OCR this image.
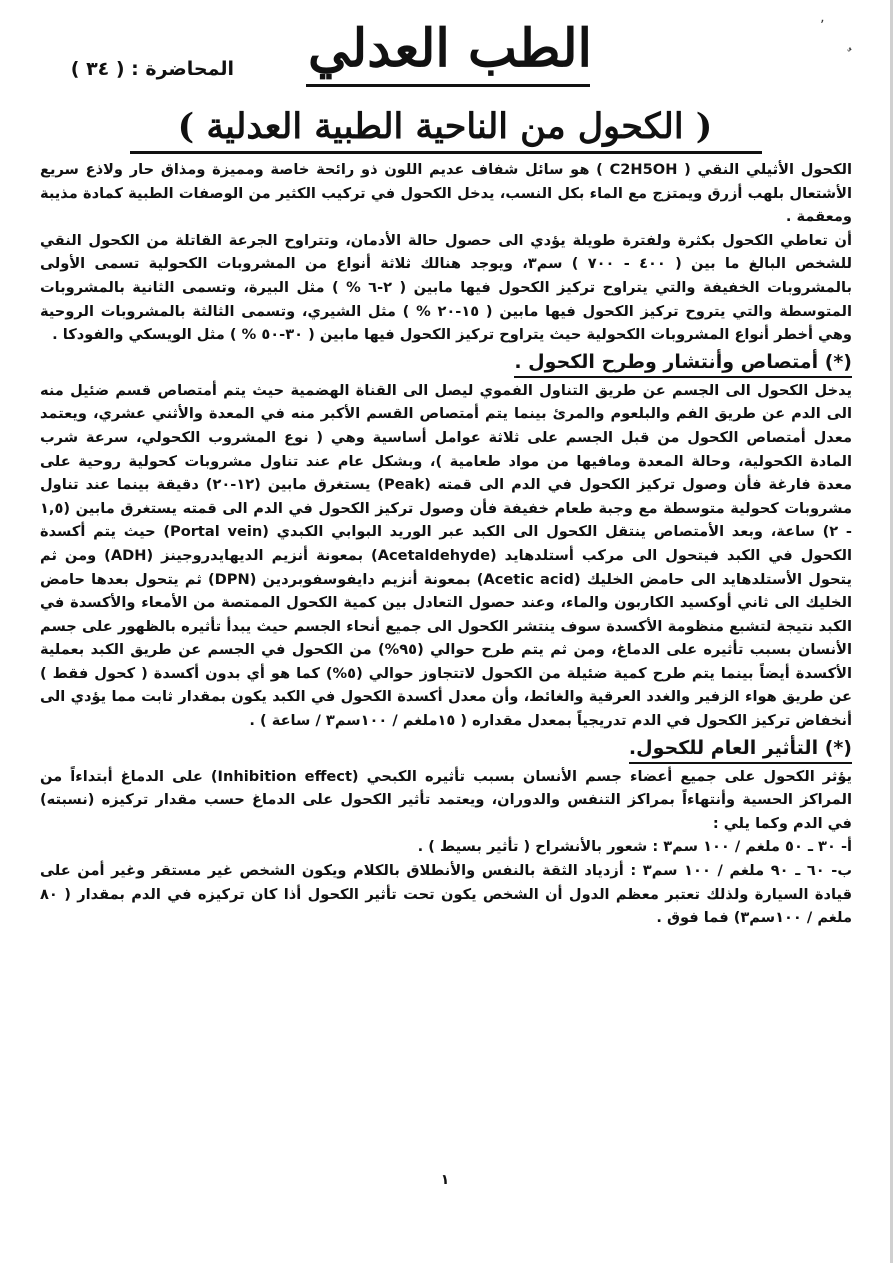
٬
المحاضرة : ( ٣٤ ) الطب العدلي
( الكحول من الناحية الطبية العدلية )

الكحول الأثيلي النقي ( C2H5OH ) هو سائل شفاف عديم اللون ذو رائحة خاصة ومميزة ومذاق حار ولاذع سريع الأشتعال بلهب أزرق ويمتزج مع الماء بكل النسب، يدخل الكحول في تركيب الكثير من الوصفات الطبية كمادة مذيبة ومعقمة .

أن تعاطي الكحول بكثرة ولفترة طويلة يؤدي الى حصول حالة الأدمان، وتتراوح الجرعة القاتلة من الكحول النقي للشخص البالغ ما بين ( ٤٠٠ - ٧٠٠ ) سم٣، ويوجد هنالك ثلاثة أنواع من المشروبات الكحولية تسمى الأولى بالمشروبات الخفيفة والتي يتراوح تركيز الكحول فيها مابين ( ٢-٦ % ) مثل البيرة، وتسمى الثانية بالمشروبات المتوسطة والتي يتروح تركيز الكحول فيها مابين ( ١٥-٢٠ % ) مثل الشيري، وتسمى الثالثة بالمشروبات الروحية وهي أخطر أنواع المشروبات الكحولية حيث يتراوح تركيز الكحول فيها مابين ( ٣٠-٥٠ % ) مثل الويسكي والفودكا .

(*) أمتصاص وأنتشار وطرح الكحول .

يدخل الكحول الى الجسم عن طريق التناول الفموي ليصل الى القناة الهضمية حيث يتم أمتصاص قسم ضئيل منه الى الدم عن طريق الفم والبلعوم والمرئ بينما يتم أمتصاص القسم الأكبر منه في المعدة والأثني عشري، ويعتمد معدل أمتصاص الكحول من قبل الجسم على ثلاثة عوامل أساسية وهي ( نوع المشروب الكحولي، سرعة شرب المادة الكحولية، وحالة المعدة ومافيها من مواد طعامية )، وبشكل عام عند تناول مشروبات كحولية روحية على معدة فارغة فأن وصول تركيز الكحول في الدم الى قمته (Peak) يستغرق مابين (١٢-٢٠) دقيقة بينما عند تناول مشروبات كحولية متوسطة مع وجبة طعام خفيفة فأن وصول تركيز الكحول في الدم الى قمته يستغرق مابين (١,٥ - ٢) ساعة، وبعد الأمتصاص ينتقل الكحول الى الكبد عبر الوريد البوابي الكبدي (Portal vein) حيث يتم أكسدة الكحول في الكبد فيتحول الى مركب أستلدهايد (Acetaldehyde) بمعونة أنزيم الديهايدروجينز (ADH) ومن ثم يتحول الأستلدهايد الى حامض الخليك (Acetic acid) بمعونة أنزيم دايفوسفوبردين (DPN) ثم يتحول بعدها حامض الخليك الى ثاني أوكسيد الكاربون والماء، وعند حصول التعادل بين كمية الكحول الممتصة من الأمعاء والأكسدة في الكبد نتيجة لتشبع منظومة الأكسدة سوف ينتشر الكحول الى جميع أنحاء الجسم حيث يبدأ تأثيره بالظهور على جسم الأنسان بسبب تأثيره على الدماغ، ومن ثم يتم طرح حوالي (٩٥%) من الكحول في الجسم عن طريق الكبد بعملية الأكسدة أيضاً بينما يتم طرح كمية ضئيلة من الكحول لاتتجاوز حوالي (٥%) كما هو أي بدون أكسدة ( كحول فقط ) عن طريق هواء الزفير والغدد العرقية والغائط، وأن معدل أكسدة الكحول في الكبد يكون بمقدار ثابت مما يؤدي الى أنخفاض تركيز الكحول في الدم تدريجياً بمعدل مقداره ( ١٥ملغم / ١٠٠سم٣ / ساعة ) .

(*) التأثير العام للكحول.

يؤثر الكحول على جميع أعضاء جسم الأنسان بسبب تأثيره الكبحي (Inhibition effect) على الدماغ أبتداءاً من المراكز الحسية وأنتهاءاً بمراكز التنفس والدوران، ويعتمد تأثير الكحول على الدماغ حسب مقدار تركيزه (نسبته) في الدم وكما يلي :

أ- ٣٠ ـ ٥٠ ملغم / ١٠٠ سم٣ : شعور بالأنشراح ( تأثير بسيط ) .

ب- ٦٠ ـ ٩٠ ملغم / ١٠٠ سم٣ : أزدياد الثقة بالنفس والأنطلاق بالكلام ويكون الشخص غير مستقر وغير أمن على قيادة السيارة ولذلك تعتبر معظم الدول أن الشخص يكون تحت تأثير الكحول أذا كان تركيزه في الدم بمقدار ( ٨٠ ملغم / ١٠٠سم٣) فما فوق .

١
